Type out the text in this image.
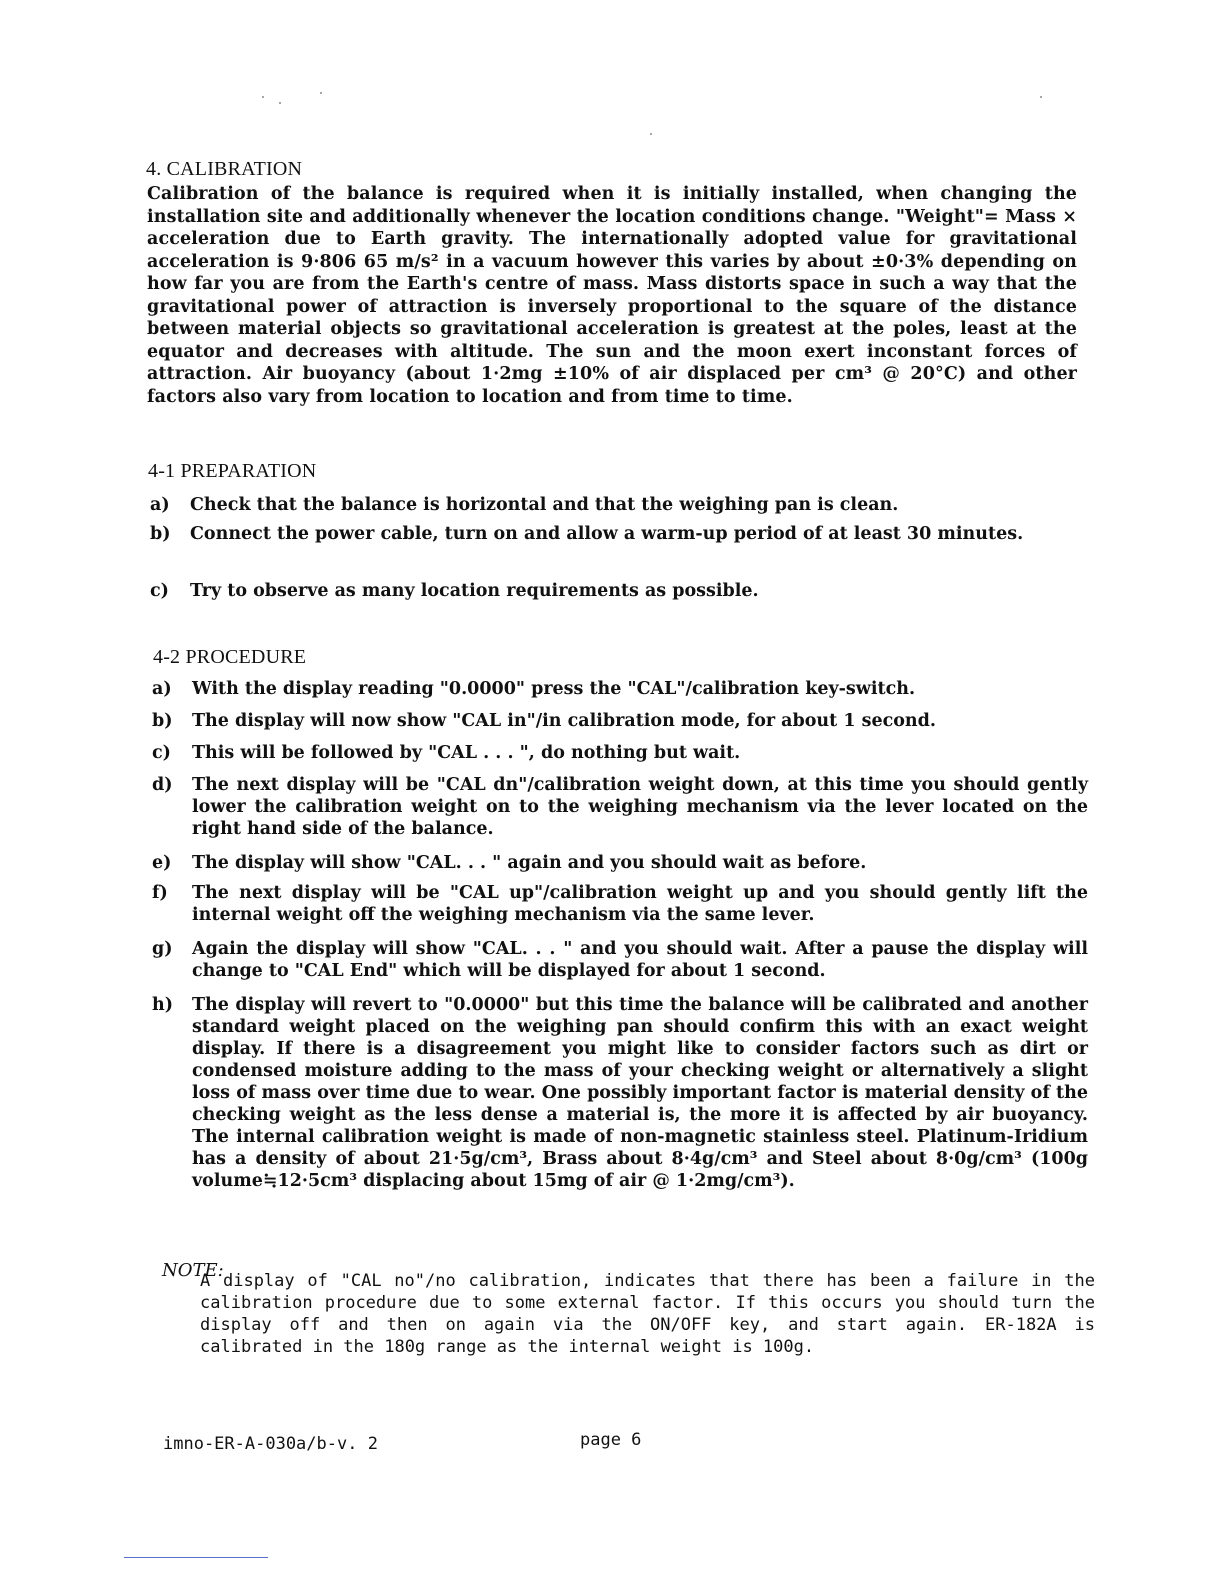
4. CALIBRATION
Calibration of the balance is required when it is initially installed, when changing the installation site and additionally whenever the location conditions change. "Weight"= Mass × acceleration due to Earth gravity. The internationally adopted value for gravitational acceleration is 9·806 65 m/s² in a vacuum however this varies by about ±0·3% depending on how far you are from the Earth's centre of mass. Mass distorts space in such a way that the gravitational power of attraction is inversely proportional to the square of the distance between material objects so gravitational acceleration is greatest at the poles, least at the equator and decreases with altitude. The sun and the moon exert inconstant forces of attraction. Air buoyancy (about 1·2mg ±10% of air displaced per cm³ @ 20°C) and other factors also vary from location to location and from time to time.
4-1 PREPARATION
a)	Check that the balance is horizontal and that the weighing pan is clean.
b)	Connect the power cable, turn on and allow a warm-up period of at least 30 minutes.
c)	Try to observe as many location requirements as possible.
4-2 PROCEDURE
a)	With the display reading "0.0000" press the "CAL"/calibration key-switch.
b)	The display will now show "CAL in"/in calibration mode, for about 1 second.
c)	This will be followed by "CAL . . . ", do nothing but wait.
d)	The next display will be "CAL dn"/calibration weight down, at this time you should gently lower the calibration weight on to the weighing mechanism via the lever located on the right hand side of the balance.
e)	The display will show "CAL. . . " again and you should wait as before.
f)	The next display will be "CAL up"/calibration weight up and you should gently lift the internal weight off the weighing mechanism via the same lever.
g)	Again the display will show "CAL. . . " and you should wait. After a pause the display will change to "CAL End" which will be displayed for about 1 second.
h)	The display will revert to "0.0000" but this time the balance will be calibrated and another standard weight placed on the weighing pan should confirm this with an exact weight display. If there is a disagreement you might like to consider factors such as dirt or condensed moisture adding to the mass of your checking weight or alternatively a slight loss of mass over time due to wear. One possibly important factor is material density of the checking weight as the less dense a material is, the more it is affected by air buoyancy. The internal calibration weight is made of non-magnetic stainless steel. Platinum-Iridium has a density of about 21·5g/cm³, Brass about 8·4g/cm³ and Steel about 8·0g/cm³ (100g volume≒12·5cm³ displacing about 15mg of air @ 1·2mg/cm³).
NOTE:
A display of "CAL no"/no calibration, indicates that there has been a failure in the calibration procedure due to some external factor. If this occurs you should turn the display off and then on again via the ON/OFF key, and start again. ER-182A is calibrated in the 180g range as the internal weight is 100g.
imno-ER-A-030a/b-v. 2	page 6
